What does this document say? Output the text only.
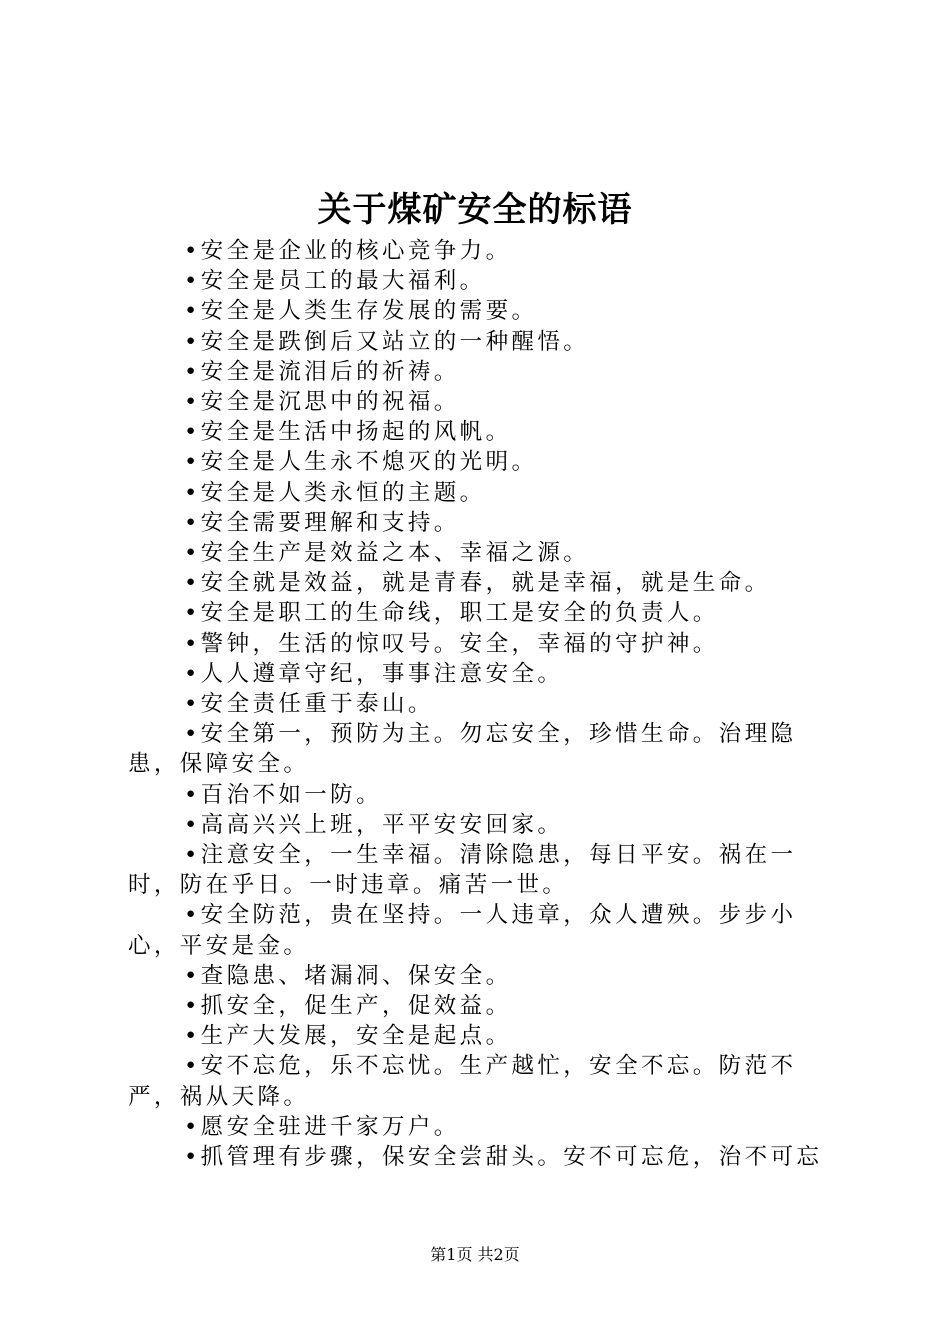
关于煤矿安全的标语

•安全是企业的核心竞争力。

•安全是员工的最大福利。

•安全是人类生存发展的需要。

•安全是跌倒后又站立的一种醒悟。

•安全是流泪后的祈祷。

•安全是沉思中的祝福。

•安全是生活中扬起的风帆。

•安全是人生永不熄灭的光明。

•安全是人类永恒的主题。

•安全需要理解和支持。

•安全生产是效益之本、幸福之源。

•安全就是效益，就是青春，就是幸福，就是生命。

•安全是职工的生命线，职工是安全的负责人。

•警钟，生活的惊叹号。安全，幸福的守护神。

•人人遵章守纪，事事注意安全。

•安全责任重于泰山。

•安全第一，预防为主。勿忘安全，珍惜生命。治理隐患，保障安全。

•百治不如一防。

•高高兴兴上班，平平安安回家。

•注意安全，一生幸福。清除隐患，每日平安。祸在一时，防在乎日。一时违章。痛苦一世。

•安全防范，贵在坚持。一人违章，众人遭殃。步步小心，平安是金。

•查隐患、堵漏㓊、保安全。

•抓安全，促生产，促效益。

•生产大发展，安全是起点。

•安不忘危，乐不忘忧。生产越忙，安全不忘。防范不严，祸从天降。

•愿安全驻进千家万户。

•抓管理有步骤，保安全尝甜头。安不可忘危，治不可忘

第1页 共2页
